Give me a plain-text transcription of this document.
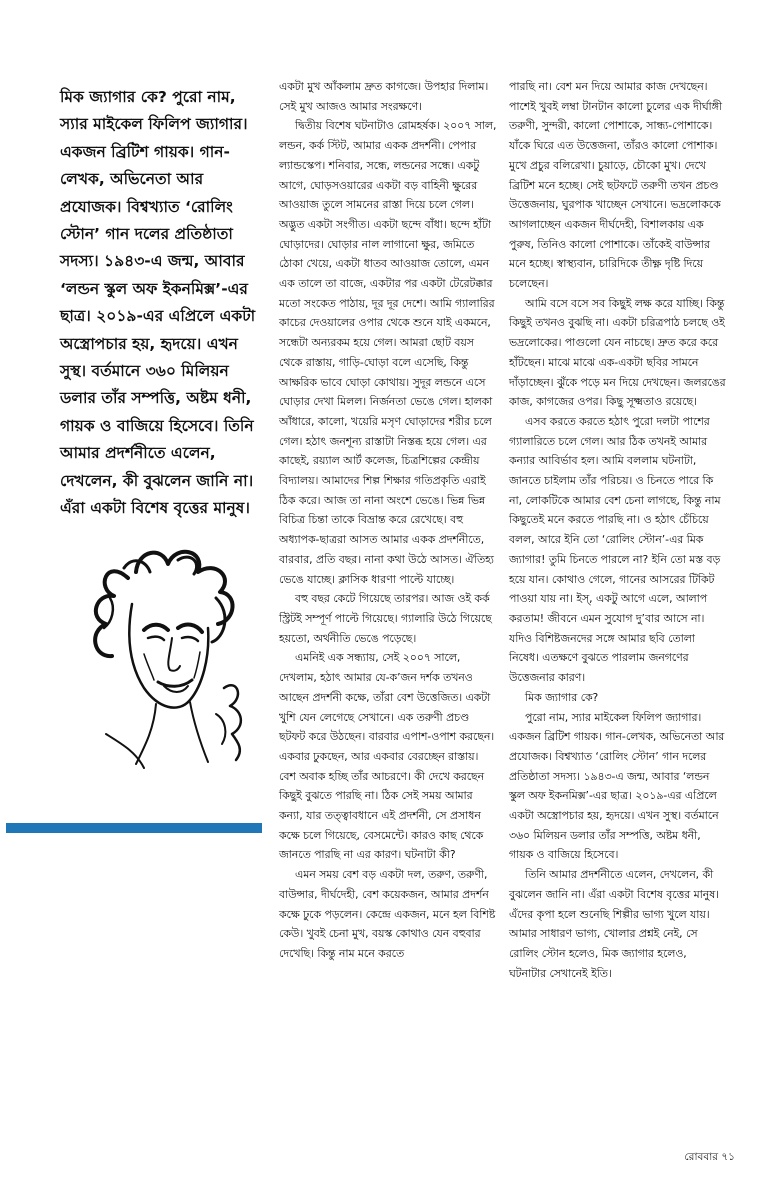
মিক জ্যাগার কে? পুরো নাম, স্যার মাইকেল ফিলিপ জ্যাগার। একজন ব্রিটিশ গায়ক। গান-লেখক, অভিনেতা আর প্রযোজক। বিশ্বখ্যাত ‘রোলিং স্টোন’ গান দলের প্রতিষ্ঠাতা সদস্য। ১৯৪৩-এ জন্ম, আবার ‘লন্ডন স্কুল অফ ইকনমিক্স’-এর ছাত্র। ২০১৯-এর এপ্রিলে একটা অস্ত্রোপচার হয়, হৃদয়ে। এখন সুস্থ। বর্তমানে ৩৬০ মিলিয়ন ডলার তাঁর সম্পত্তি, অষ্টম ধনী, গায়ক ও বাজিয়ে হিসেবে। তিনি আমার প্রদর্শনীতে এলেন, দেখলেন, কী বুঝলেন জানি না। এঁরা একটা বিশেষ বৃত্তের মানুষ।

একটা মুখ আঁকলাম দ্রুত কাগজে। উপহার দিলাম। সেই মুখ আজও আমার সংরক্ষণে।

দ্বিতীয় বিশেষ ঘটনাটাও রোমহর্ষক। ২০০৭ সাল, লন্ডন, কর্ক স্টিট, আমার একক প্রদর্শনী। পেপার ল্যান্ডস্কেপ। শনিবার, সন্ধে, লন্ডনের সন্ধে। একটু আগে, ঘোড়সওয়ারের একটা বড় বাহিনী ক্ষুরের আওয়াজ তুলে সামনের রাস্তা দিয়ে চলে গেল। অদ্ভুত একটা সংগীত। একটা ছন্দে বাঁধা। ছন্দে হাঁটা ঘোড়াদের। ঘোড়ার নাল লাগানো ক্ষুর, জমিতে ঠোকা খেয়ে, একটা ধাতব আওয়াজ তোলে, এমন এক তালে তা বাজে, একটার পর একটা টেরেটক্কার মতো সংকেত পাঠায়, দূর দূর দেশে। আমি গ্যালারির কাচের দেওয়ালের ওপার থেকে শুনে যাই একমনে, সন্ধেটা অন্যরকম হয়ে গেল। আমরা ছোট বয়স থেকে রাস্তায়, গাড়ি-ঘোড়া বলে এসেছি, কিন্তু আক্ষরিক ভাবে ঘোড়া কোথায়। সুদূর লন্ডনে এসে ঘোড়ার দেখা মিলল। নির্জনতা ভেঙে গেল। হালকা আঁধারে, কালো, খয়েরি মসৃণ ঘোড়াদের শরীর চলে গেল। হঠাৎ জনশূন্য রাস্তাটা নিস্তব্ধ হয়ে গেল। এর কাছেই, রয়্যাল আর্ট কলেজ, চিত্রশিল্পের কেন্দ্রীয় বিদ্যালয়। আমাদের শিল্প শিক্ষার গতিপ্রকৃতি এরাই ঠিক করে। আজ তা নানা অংশে ভেঙে। ভিন্ন ভিন্ন বিচিত্র চিন্তা তাকে বিভ্রান্ত করে রেখেছে। বহু অধ্যাপক-ছাত্ররা আসত আমার একক প্রদর্শনীতে, বারবার, প্রতি বছর। নানা কথা উঠে আসত। ঐতিহ্য ভেঙে যাচ্ছে। ক্লাসিক ধারণা পাল্টে যাচ্ছে।

বহু বছর কেটে গিয়েছে তারপর। আজ ওই কর্ক স্ট্রিটই সম্পূর্ণ পাল্টে গিয়েছে। গ্যালারি উঠে গিয়েছে হয়তো, অর্থনীতি ভেঙে পড়েছে।

এমনিই এক সন্ধ্যায়, সেই ২০০৭ সালে, দেখলাম, হঠাৎ আমার যে-ক’জন দর্শক তখনও আছেন প্রদর্শনী কক্ষে, তাঁরা বেশ উত্তেজিত। একটা খুশি যেন লেগেছে সেখানে। এক তরুণী প্রচণ্ড ছটফট করে উঠছেন। বারবার এপাশ-ওপাশ করছেন। একবার ঢুকছেন, আর একবার বেরচ্ছেন রাস্তায়। বেশ অবাক হচ্ছি তাঁর আচরণে। কী দেখে করছেন কিছুই বুঝতে পারছি না। ঠিক সেই সময় আমার কন্যা, যার তত্ত্বাবধানে এই প্রদর্শনী, সে প্রসাধন কক্ষে চলে গিয়েছে, বেসমেন্টে। কারও কাছ থেকে জানতে পারছি না এর কারণ। ঘটনাটা কী?

এমন সময় বেশ বড় একটা দল, তরুণ, তরুণী, বাউন্সার, দীর্ঘদেহী, বেশ কয়েকজন, আমার প্রদর্শন কক্ষে ঢুকে পড়লেন। কেন্দ্রে একজন, মনে হল বিশিষ্ট কেউ। খুবই চেনা মুখ, বয়স্ক কোথাও যেন বহুবার দেখেছি। কিন্তু নাম মনে করতে

পারছি না। বেশ মন দিয়ে আমার কাজ দেখছেন। পাশেই খুবই লম্বা টানটান কালো চুলের এক দীর্ঘাঙ্গী তরুণী, সুন্দরী, কালো পোশাকে, সান্ধ্য-পোশাকে। যাঁকে ঘিরে এত উত্তেজনা, তাঁরও কালো পোশাক। মুখে প্রচুর বলিরেখা। চুয়াড়ে, চৌকো মুখ। দেখে ব্রিটিশ মনে হচ্ছে। সেই ছটফটে তরুণী তখন প্রচণ্ড উত্তেজনায়, ঘুরপাক খাচ্ছেন সেখানে। ভদ্রলোককে আগলাচ্ছেন একজন দীর্ঘদেহী, বিশালকায় এক পুরুষ, তিনিও কালো পোশাকে। তাঁকেই বাউন্সার মনে হচ্ছে। স্বাস্থ্যবান, চারিদিকে তীক্ষ্ণ দৃষ্টি দিয়ে চলেছেন।

আমি বসে বসে সব কিছুই লক্ষ করে যাচ্ছি। কিন্তু কিছুই তখনও বুঝছি না। একটা চরিত্রপাঠ চলছে ওই ভদ্রলোকের। পাগুলো যেন নাচছে। দ্রুত করে করে হাঁটছেন। মাঝে মাঝে এক-একটা ছবির সামনে দাঁড়াচ্ছেন। ঝুঁকে পড়ে মন দিয়ে দেখছেন। জলরঙের কাজ, কাগজের ওপর। কিছু সূক্ষ্মতাও রয়েছে।

এসব করতে করতে হঠাৎ পুরো দলটা পাশের গ্যালারিতে চলে গেল। আর ঠিক তখনই আমার কন্যার আবির্ভাব হল। আমি বললাম ঘটনাটা, জানতে চাইলাম তাঁর পরিচয়। ও চিনতে পারে কি না, লোকটিকে আমার বেশ চেনা লাগছে, কিন্তু নাম কিছুতেই মনে করতে পারছি না। ও হঠাৎ চেঁচিয়ে বলল, আরে ইনি তো ‘রোলিং স্টোন’-এর মিক জ্যাগার! তুমি চিনতে পারলে না? ইনি তো মস্ত বড় হয়ে যান। কোথাও গেলে, গানের আসরের টিকিট পাওয়া যায় না। ইস্, একটু আগে এলে, আলাপ করতাম! জীবনে এমন সুযোগ দু’বার আসে না। যদিও বিশিষ্টজনদের সঙ্গে আমার ছবি তোলা নিষেধ। এতক্ষণে বুঝতে পারলাম জনগণের উত্তেজনার কারণ।

মিক জ্যাগার কে?

পুরো নাম, স্যার মাইকেল ফিলিপ জ্যাগার। একজন ব্রিটিশ গায়ক। গান-লেখক, অভিনেতা আর প্রযোজক। বিশ্বখ্যাত ‘রোলিং স্টোন’ গান দলের প্রতিষ্ঠাতা সদস্য। ১৯৪৩-এ জন্ম, আবার ‘লন্ডন স্কুল অফ ইকনমিক্স’-এর ছাত্র। ২০১৯-এর এপ্রিলে একটা অস্ত্রোপচার হয়, হৃদয়ে। এখন সুস্থ। বর্তমানে ৩৬০ মিলিয়ন ডলার তাঁর সম্পত্তি, অষ্টম ধনী, গায়ক ও বাজিয়ে হিসেবে।

তিনি আমার প্রদর্শনীতে এলেন, দেখলেন, কী বুঝলেন জানি না। এঁরা একটা বিশেষ বৃত্তের মানুষ। এঁদের কৃপা হলে শুনেছি শিল্পীর ভাগ্য খুলে যায়। আমার সাধারণ ভাগ্য, খোলার প্রশ্নই নেই, সে রোলিং স্টোন হলেও, মিক জ্যাগার হলেও, ঘটনাটার সেখানেই ইতি।

রোববার ৭১
